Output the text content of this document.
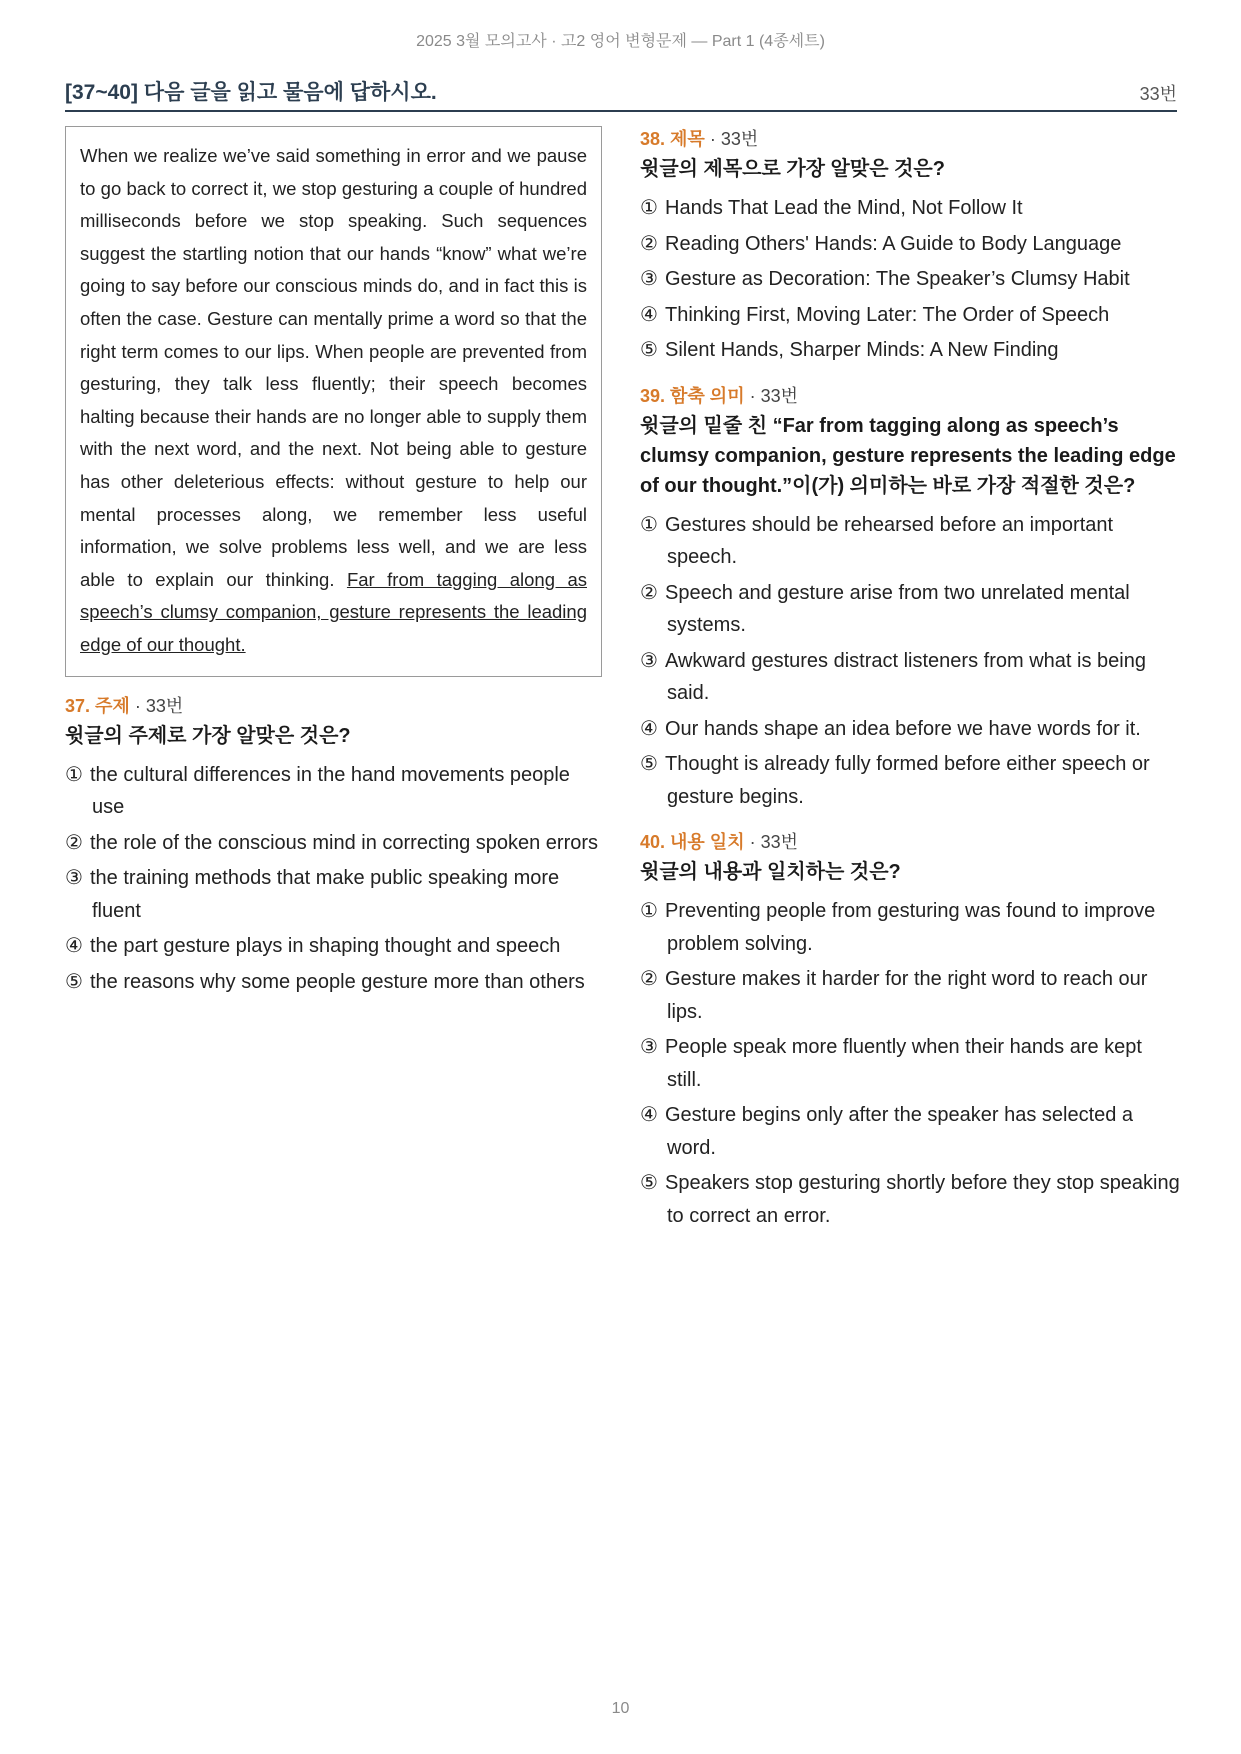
2025 3월 모의고사 · 고2 영어 변형문제 — Part 1 (4종세트)
[37~40] 다음 글을 읽고 물음에 답하시오.	33번
When we realize we’ve said something in error and we pause to go back to correct it, we stop gesturing a couple of hundred milliseconds before we stop speaking. Such sequences suggest the startling notion that our hands “know” what we’re going to say before our conscious minds do, and in fact this is often the case. Gesture can mentally prime a word so that the right term comes to our lips. When people are prevented from gesturing, they talk less fluently; their speech becomes halting because their hands are no longer able to supply them with the next word, and the next. Not being able to gesture has other deleterious effects: without gesture to help our mental processes along, we remember less useful information, we solve problems less well, and we are less able to explain our thinking. Far from tagging along as speech’s clumsy companion, gesture represents the leading edge of our thought.
37. 주제 · 33번
윗글의 주제로 가장 알맞은 것은?
① the cultural differences in the hand movements people use
② the role of the conscious mind in correcting spoken errors
③ the training methods that make public speaking more fluent
④ the part gesture plays in shaping thought and speech
⑤ the reasons why some people gesture more than others
38. 제목 · 33번
윗글의 제목으로 가장 알맞은 것은?
① Hands That Lead the Mind, Not Follow It
② Reading Others' Hands: A Guide to Body Language
③ Gesture as Decoration: The Speaker’s Clumsy Habit
④ Thinking First, Moving Later: The Order of Speech
⑤ Silent Hands, Sharper Minds: A New Finding
39. 함축 의미 · 33번
윗글의 밑줄 친 “Far from tagging along as speech’s clumsy companion, gesture represents the leading edge of our thought.”이(가) 의미하는 바로 가장 적절한 것은?
① Gestures should be rehearsed before an important speech.
② Speech and gesture arise from two unrelated mental systems.
③ Awkward gestures distract listeners from what is being said.
④ Our hands shape an idea before we have words for it.
⑤ Thought is already fully formed before either speech or gesture begins.
40. 내용 일치 · 33번
윗글의 내용과 일치하는 것은?
① Preventing people from gesturing was found to improve problem solving.
② Gesture makes it harder for the right word to reach our lips.
③ People speak more fluently when their hands are kept still.
④ Gesture begins only after the speaker has selected a word.
⑤ Speakers stop gesturing shortly before they stop speaking to correct an error.
10
